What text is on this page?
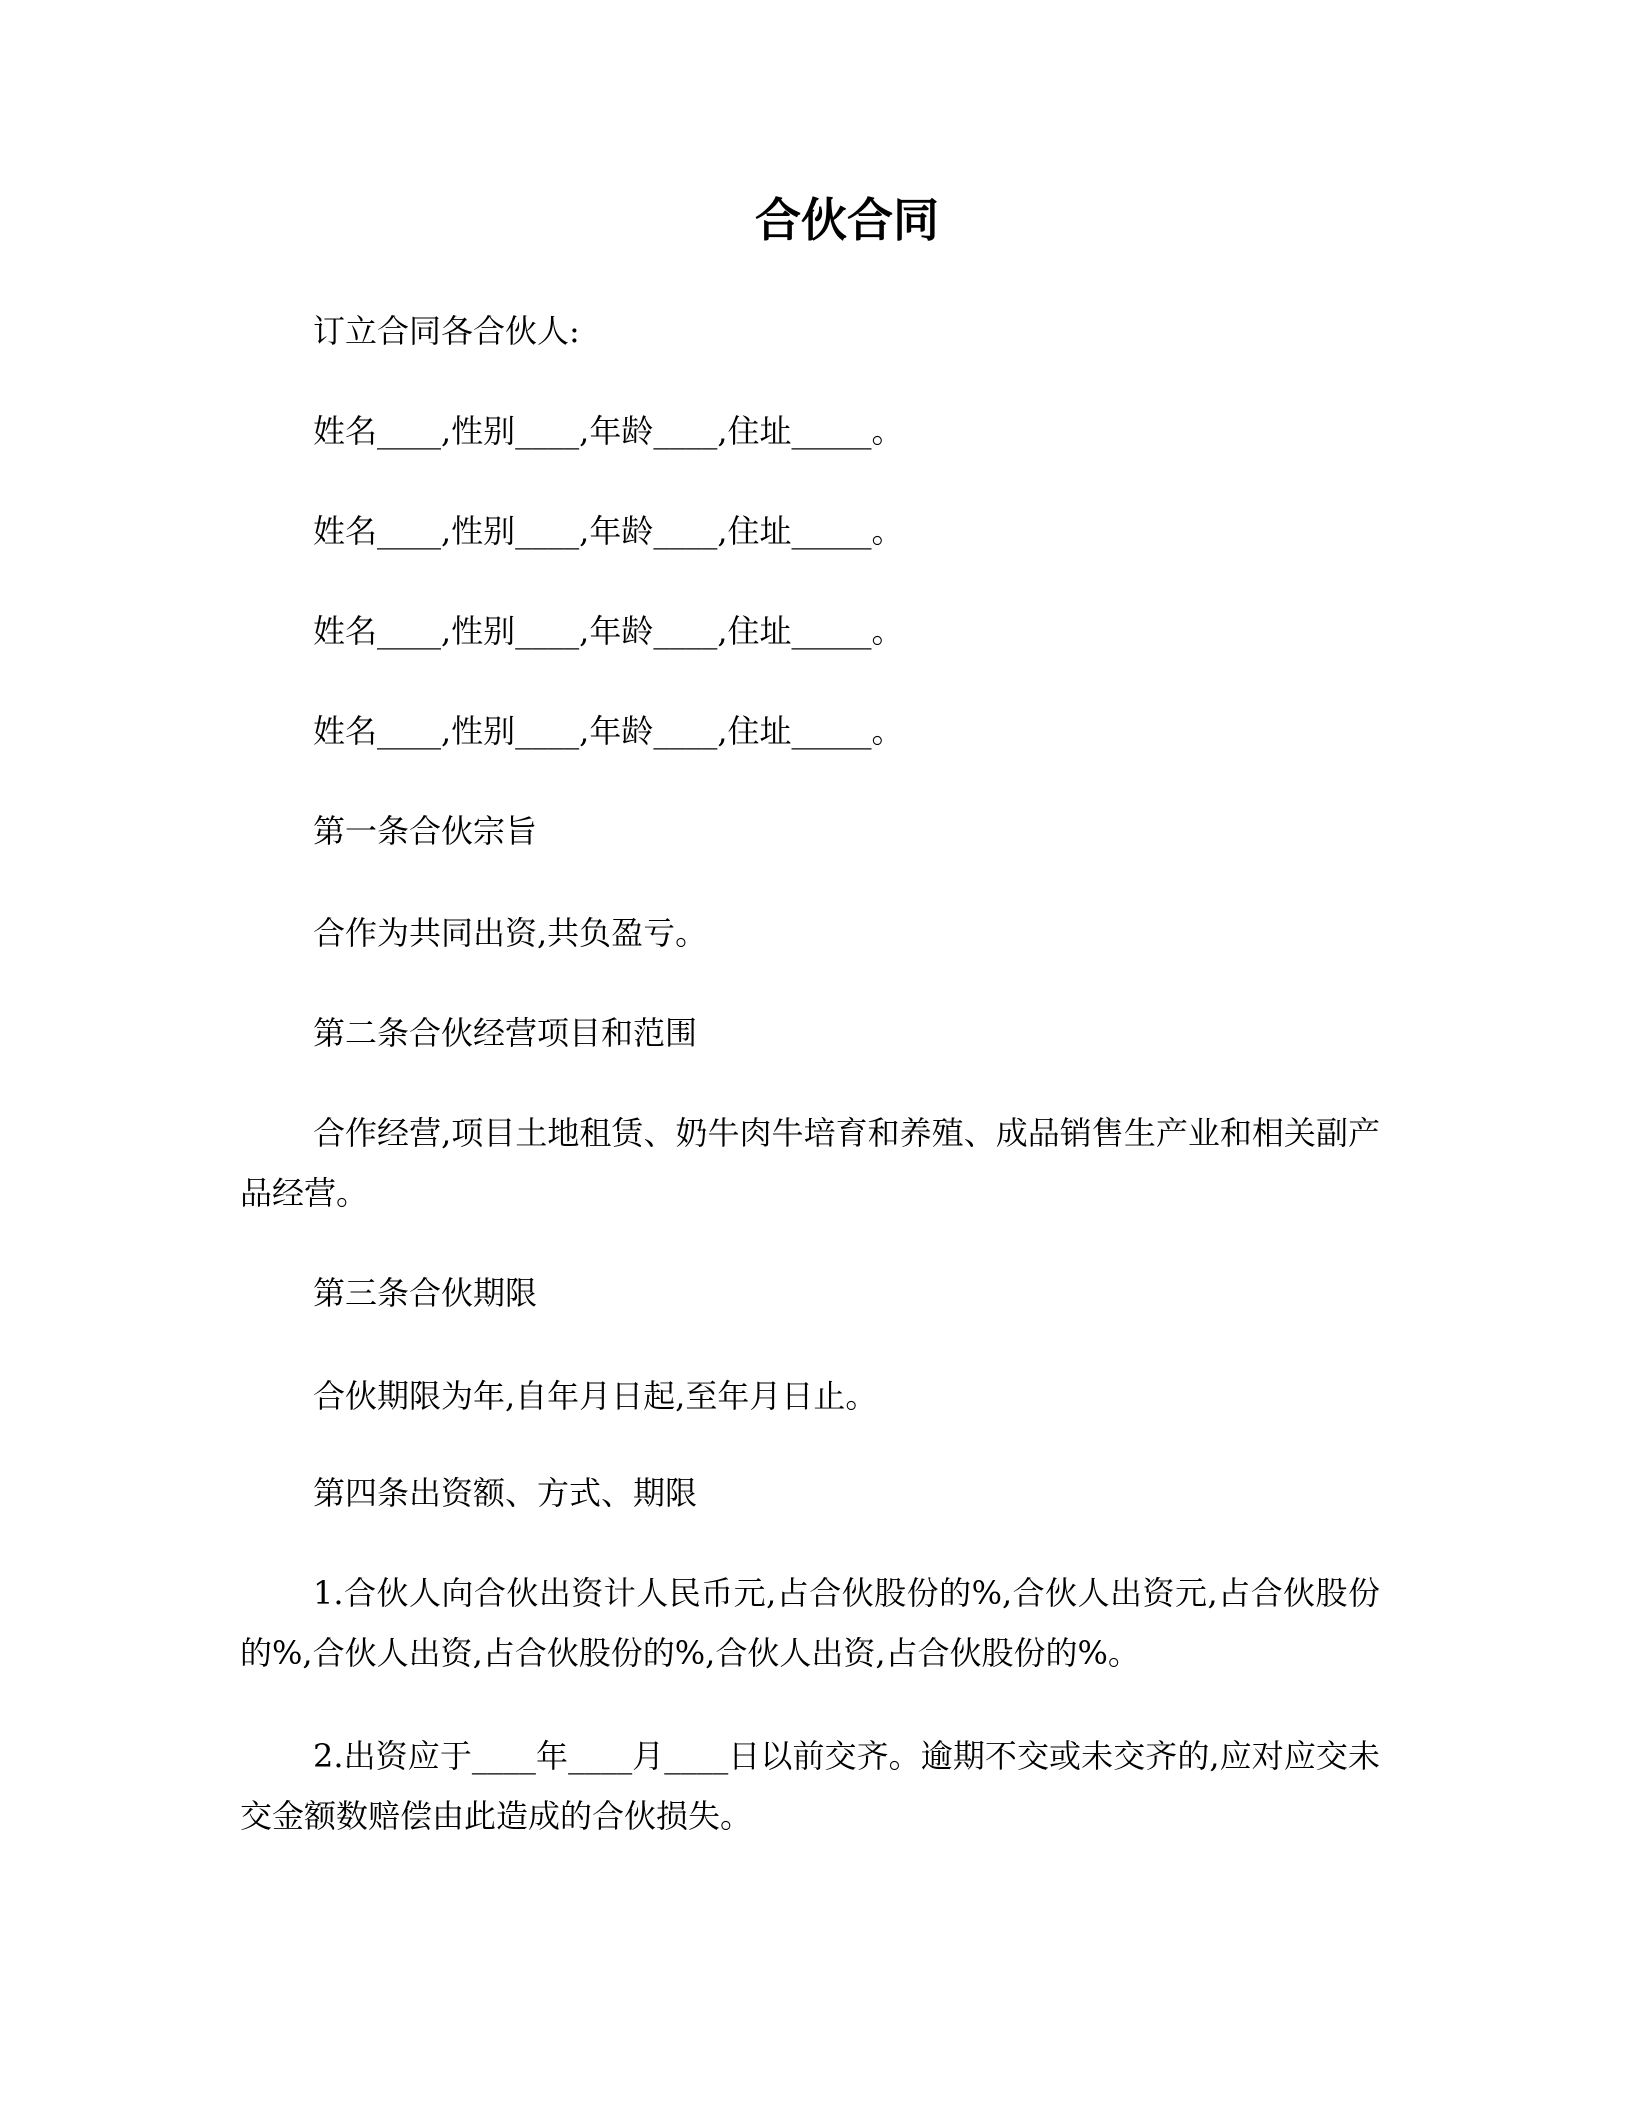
合伙合同
订立合同各合伙人:
姓名____,性别____,年龄____,住址_____。
姓名____,性别____,年龄____,住址_____。
姓名____,性别____,年龄____,住址_____。
姓名____,性别____,年龄____,住址_____。
第一条合伙宗旨
合作为共同出资,共负盈亏。
第二条合伙经营项目和范围
合作经营,项目土地租赁、奶牛肉牛培育和养殖、成品销售生产业和相关副产品经营。
第三条合伙期限
合伙期限为年,自年月日起,至年月日止。
第四条出资额、方式、期限
1.合伙人向合伙出资计人民币元,占合伙股份的%,合伙人出资元,占合伙股份的%,合伙人出资,占合伙股份的%,合伙人出资,占合伙股份的%。
2.出资应于____年____月____日以前交齐。逾期不交或未交齐的,应对应交未交金额数赔偿由此造成的合伙损失。
